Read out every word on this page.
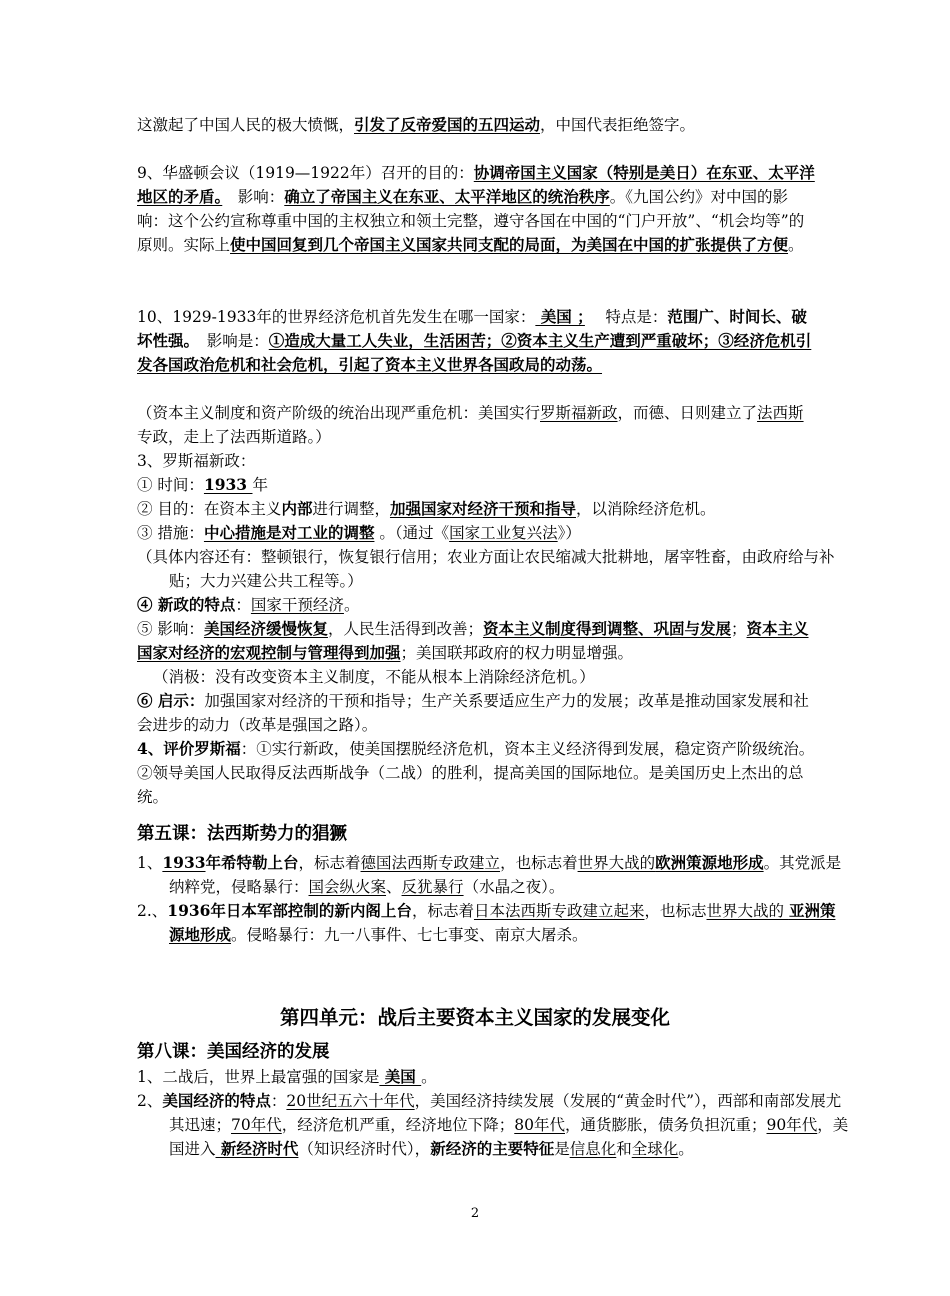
这激起了中国人民的极大愤慨，引发了反帝爱国的五四运动，中国代表拒绝签字。

9、华盛顿会议（1919—1922年）召开的目的：协调帝国主义国家（特别是美日）在东亚、太平洋地区的矛盾。　影响：确立了帝国主义在东亚、太平洋地区的统治秩序。《九国公约》对中国的影响：这个公约宣称尊重中国的主权独立和领土完整，遵守各国在中国的“门户开放”、“机会均等”的原则。实际上使中国回复到几个帝国主义国家共同支配的局面，为美国在中国的扩张提供了方便。

10、1929-1933年的世界经济危机首先发生在哪一国家： 美国 ；　 特点是：范围广、时间长、破坏性强。　影响是：①造成大量工人失业，生活困苦；②资本主义生产遭到严重破坏；③经济危机引发各国政治危机和社会危机，引起了资本主义世界各国政局的动荡。

（资本主义制度和资产阶级的统治出现严重危机：美国实行罗斯福新政，而德、日则建立了法西斯专政，走上了法西斯道路。）

3、罗斯福新政：

① 时间：1933 年

② 目的：在资本主义内部进行调整，加强国家对经济干预和指导，以消除经济危机。

③ 措施：中心措施是对工业的调整 。（通过《国家工业复兴法》）

（具体内容还有：整顿银行，恢复银行信用；农业方面让农民缩减大批耕地，屠宰牲畜，由政府给与补贴；大力兴建公共工程等。）

④ 新政的特点：国家干预经济。

⑤ 影响：美国经济缓慢恢复，人民生活得到改善；资本主义制度得到调整、巩固与发展；资本主义国家对经济的宏观控制与管理得到加强；美国联邦政府的权力明显增强。

（消极：没有改变资本主义制度，不能从根本上消除经济危机。）

⑥ 启示：加强国家对经济的干预和指导；生产关系要适应生产力的发展；改革是推动国家发展和社会进步的动力（改革是强国之路）。

4、评价罗斯福：①实行新政，使美国摆脱经济危机，资本主义经济得到发展，稳定资产阶级统治。②领导美国人民取得反法西斯战争（二战）的胜利，提高美国的国际地位。是美国历史上杰出的总统。

第五课：法西斯势力的猖獗

1、1933年希特勒上台，标志着德国法西斯专政建立，也标志着世界大战的欧洲策源地形成。其党派是纳粹党，侵略暴行：国会纵火案、反犹暴行（水晶之夜）。

2.、1936年日本军部控制的新内阁上台，标志着日本法西斯专政建立起来，也标志世界大战的 亚洲策源地形成。侵略暴行：九一八事件、七七事变、南京大屠杀。

第四单元：战后主要资本主义国家的发展变化

第八课：美国经济的发展

1、二战后，世界上最富强的国家是 美国 。

2、美国经济的特点：20世纪五六十年代，美国经济持续发展（发展的“黄金时代”），西部和南部发展尤其迅速；70年代，经济危机严重，经济地位下降；80年代，通货膨胀，债务负担沉重；90年代，美国进入 新经济时代（知识经济时代），新经济的主要特征是信息化和全球化。

2
